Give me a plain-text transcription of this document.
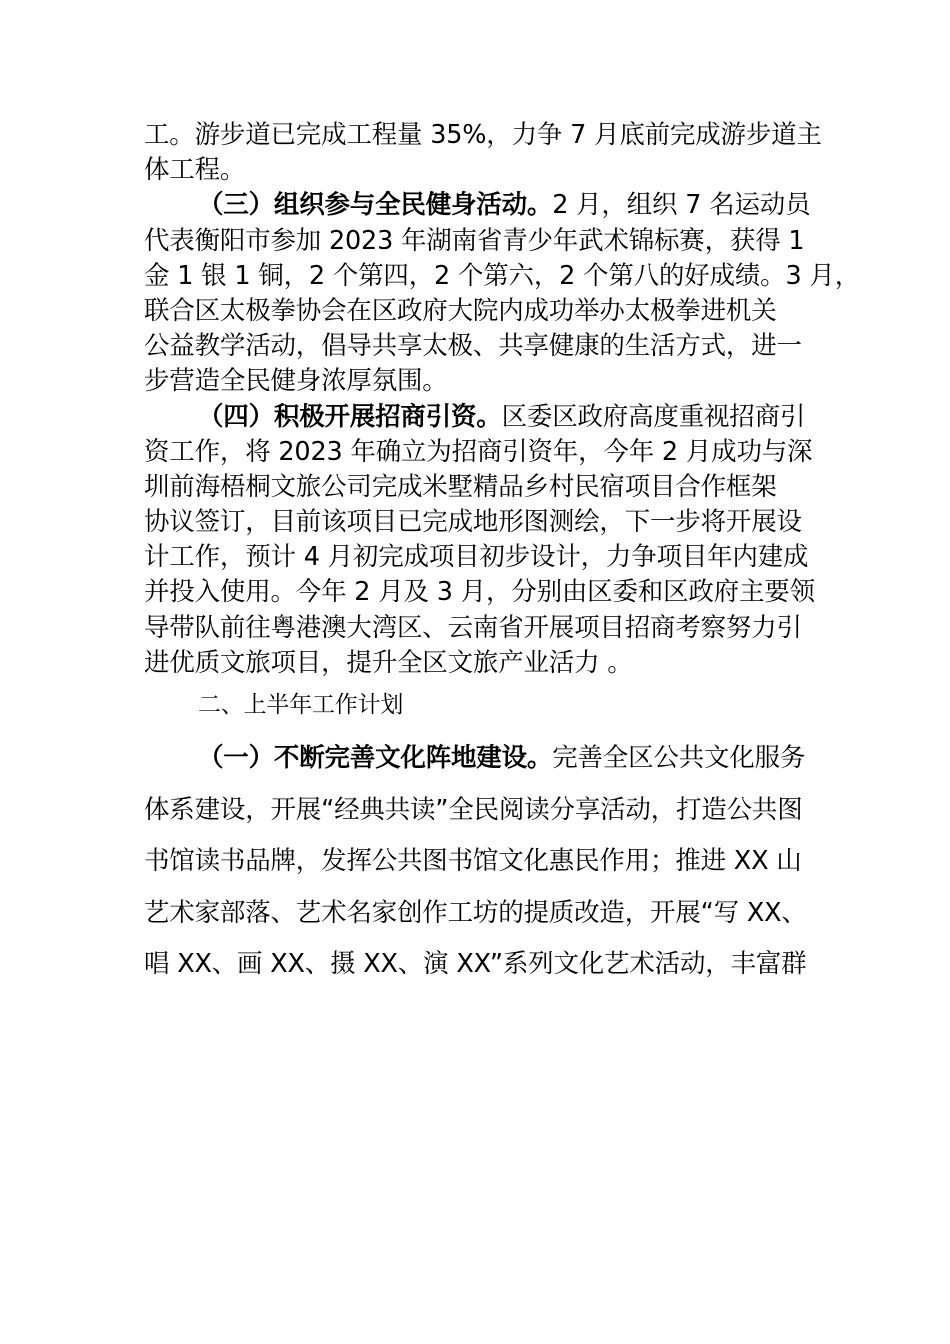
工。游步道已完成工程量 35%，力争 7 月底前完成游步道主
体工程。
（三）组织参与全民健身活动。2 月，组织 7 名运动员
代表衡阳市参加 2023 年湖南省青少年武术锦标赛，获得 1
金 1 银 1 铜，2 个第四，2 个第六，2 个第八的好成绩。3 月，
联合区太极拳协会在区政府大院内成功举办太极拳进机关
公益教学活动，倡导共享太极、共享健康的生活方式，进一
步营造全民健身浓厚氛围。
（四）积极开展招商引资。区委区政府高度重视招商引
资工作，将 2023 年确立为招商引资年，今年 2 月成功与深
圳前海梧桐文旅公司完成米墅精品乡村民宿项目合作框架
协议签订，目前该项目已完成地形图测绘，下一步将开展设
计工作，预计 4 月初完成项目初步设计，力争项目年内建成
并投入使用。今年 2 月及 3 月，分别由区委和区政府主要领
导带队前往粤港澳大湾区、云南省开展项目招商考察努力引
进优质文旅项目，提升全区文旅产业活力 。
二、上半年工作计划
（一）不断完善文化阵地建设。完善全区公共文化服务
体系建设，开展“经典共读”全民阅读分享活动，打造公共图
书馆读书品牌，发挥公共图书馆文化惠民作用；推进 XX 山
艺术家部落、艺术名家创作工坊的提质改造，开展“写 XX、
唱 XX、画 XX、摄 XX、演 XX”系列文化艺术活动，丰富群
